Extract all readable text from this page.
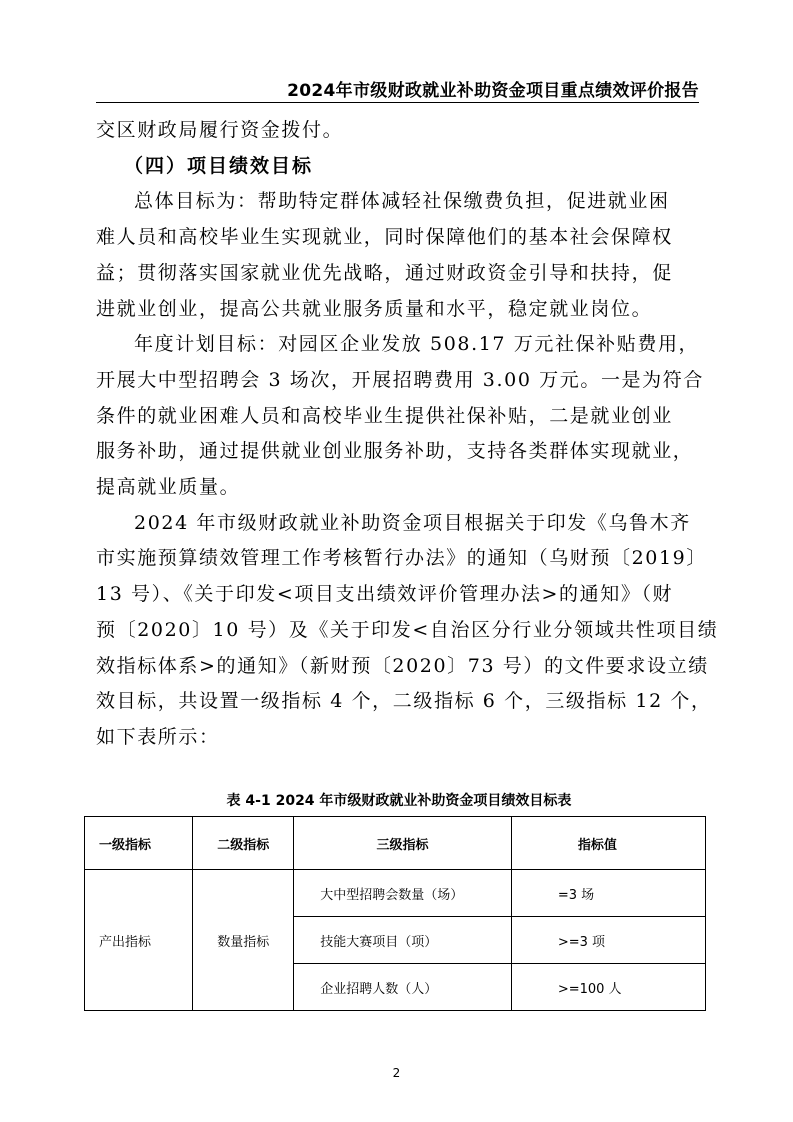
2024年市级财政就业补助资金项目重点绩效评价报告
交区财政局履行资金拨付。
（四）项目绩效目标
总体目标为：帮助特定群体减轻社保缴费负担，促进就业困
难人员和高校毕业生实现就业，同时保障他们的基本社会保障权
益；贯彻落实国家就业优先战略，通过财政资金引导和扶持，促
进就业创业，提高公共就业服务质量和水平，稳定就业岗位。
年度计划目标：对园区企业发放 508.17 万元社保补贴费用，
开展大中型招聘会 3 场次，开展招聘费用 3.00 万元。一是为符合
条件的就业困难人员和高校毕业生提供社保补贴，二是就业创业
服务补助，通过提供就业创业服务补助，支持各类群体实现就业，
提高就业质量。
2024 年市级财政就业补助资金项目根据关于印发《乌鲁木齐
市实施预算绩效管理工作考核暂行办法》的通知（乌财预〔2019〕
13 号）、《关于印发<项目支出绩效评价管理办法>的通知》（财
预〔2020〕10 号）及《关于印发<自治区分行业分领域共性项目绩
效指标体系>的通知》（新财预〔2020〕73 号）的文件要求设立绩
效目标，共设置一级指标 4 个，二级指标 6 个，三级指标 12 个，
如下表所示：
表 4-1 2024 年市级财政就业补助资金项目绩效目标表
一级指标	二级指标	三级指标	指标值
产出指标	数量指标	大中型招聘会数量（场）	=3 场
		技能大赛项目（项）	>=3 项
		企业招聘人数（人）	>=100 人
2
